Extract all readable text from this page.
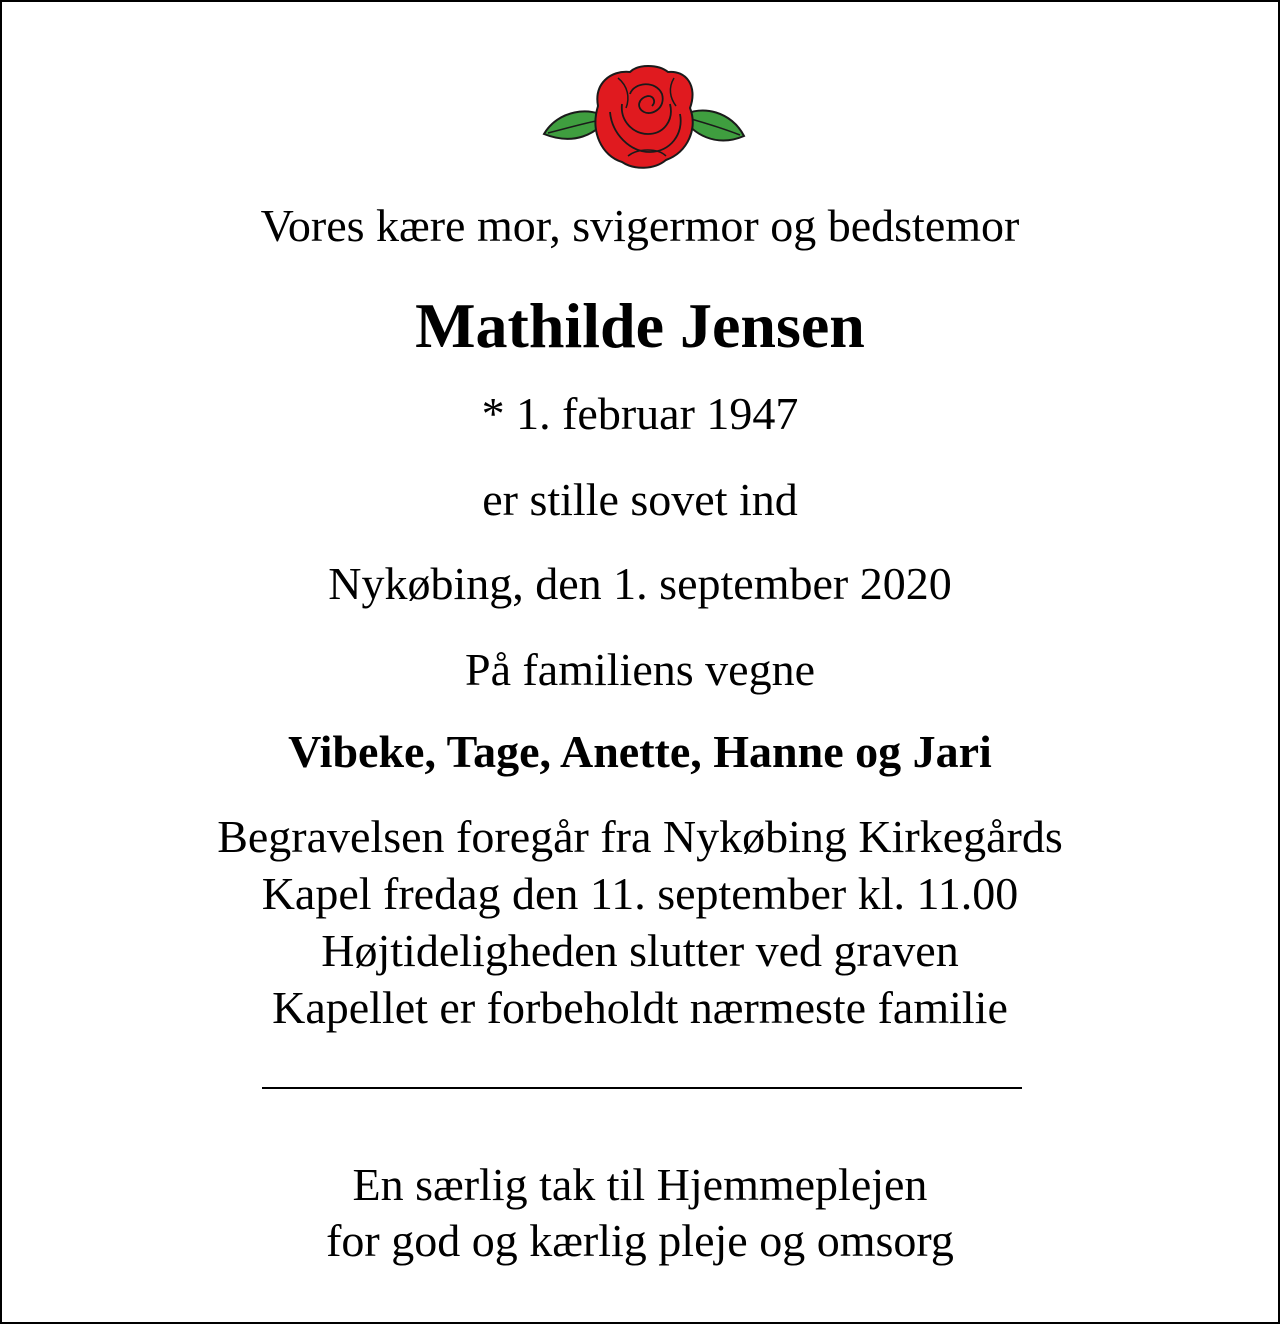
Vores kære mor, svigermor og bedstemor
Mathilde Jensen
* 1. februar 1947
er stille sovet ind
Nykøbing, den 1. september 2020
På familiens vegne
Vibeke, Tage, Anette, Hanne og Jari
Begravelsen foregår fra Nykøbing Kirkegårds
Kapel fredag den 11. september kl. 11.00
Højtideligheden slutter ved graven
Kapellet er forbeholdt nærmeste familie
En særlig tak til Hjemmeplejen
for god og kærlig pleje og omsorg
